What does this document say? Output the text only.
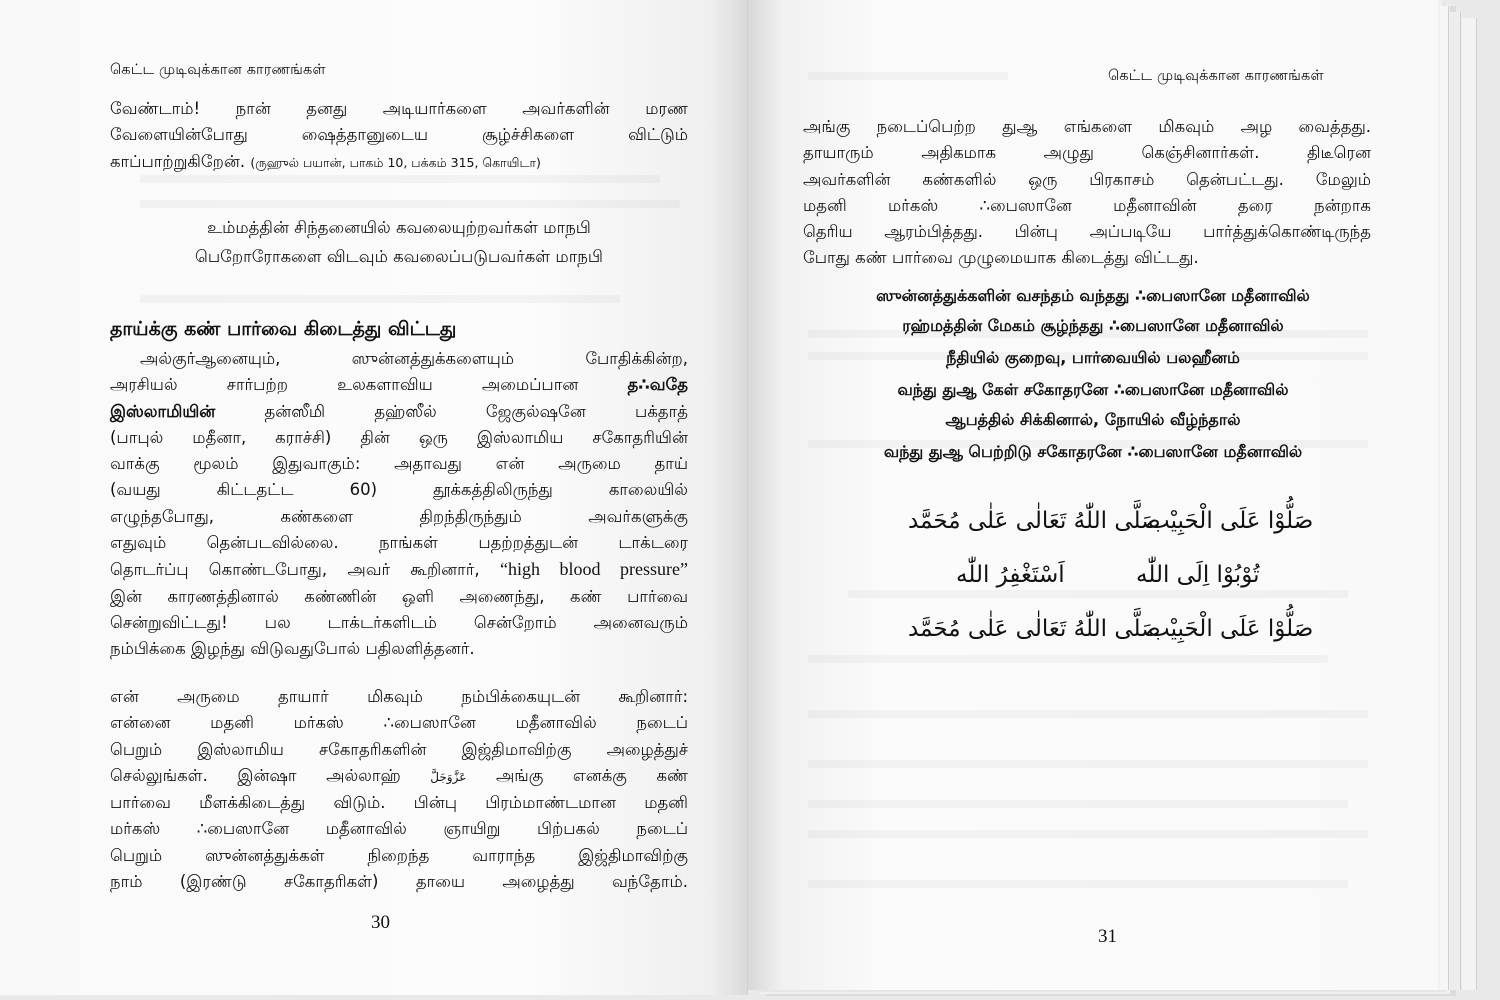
கெட்ட முடிவுக்கான காரணங்கள்
வேண்டாம்! நான் தனது அடியார்களை அவர்களின் மரண
வேளையின்போது ஷைத்தானுடைய சூழ்ச்சிகளை விட்டும்
காப்பாற்றுகிறேன். (ருஹுல் பயான், பாகம் 10, பக்கம் 315, கொயிடா)
உம்மத்தின் சிந்தனையில் கவலையுற்றவர்கள் மாநபி
பெறோரோகளை விடவும் கவலைப்படுபவர்கள் மாநபி
தாய்க்கு கண் பார்வை கிடைத்து விட்டது
அல்குர்ஆனையும், ஸுன்னத்துக்களையும் போதிக்கின்ற,
அரசியல் சார்பற்ற உலகளாவிய அமைப்பான	த∴வதே
இஸ்லாமியின்	தன்ஸீமி தஹ்ஸீல் ஜேகுல்ஷனே பக்தாத்
(பாபுல் மதீனா, கராச்சி) தின் ஒரு இஸ்லாமிய சகோதரியின்
வாக்கு மூலம் இதுவாகும்: அதாவது என் அருமை தாய்
(வயது கிட்டதட்ட 60) தூக்கத்திலிருந்து காலையில்
எழுந்தபோது, கண்களை திறந்திருந்தும் அவர்களுக்கு
எதுவும் தென்படவில்லை. நாங்கள் பதற்றத்துடன் டாக்டரை
தொடர்ப்பு கொண்டபோது, அவர் கூறினார், “high blood pressure”
இன் காரணத்தினால் கண்ணின் ஒளி அணைந்து, கண் பார்வை
சென்றுவிட்டது! பல டாக்டர்களிடம் சென்றோம் அனைவரும்
நம்பிக்கை இழந்து விடுவதுபோல் பதிலளித்தனர்.
என் அருமை தாயார் மிகவும் நம்பிக்கையுடன் கூறினார்:
என்னை மதனி மர்கஸ் ∴பைஸானே மதீனாவில் நடைப்
பெறும் இஸ்லாமிய சகோதரிகளின் இஜ்திமாவிற்கு அழைத்துச்
செல்லுங்கள். இன்ஷா அல்லாஹ் عَزَّوَجَلَّ அங்கு எனக்கு கண்
பார்வை மீளக்கிடைத்து விடும். பின்பு பிரம்மாண்டமான மதனி
மர்கஸ் ∴பைஸானே மதீனாவில் ஞாயிறு பிற்பகல் நடைப்
பெறும் ஸுன்னத்துக்கள் நிறைந்த வாராந்த இஜ்திமாவிற்கு
நாம் (இரண்டு சகோதரிகள்) தாயை அழைத்து வந்தோம்.
30
கெட்ட முடிவுக்கான காரணங்கள்
அங்கு நடைப்பெற்ற துஆ எங்களை மிகவும் அழ வைத்தது.
தாயாரும் அதிகமாக அழுது கெஞ்சினார்கள். திடீரென
அவர்களின் கண்களில் ஒரு பிரகாசம் தென்பட்டது. மேலும்
மதனி மர்கஸ் ∴பைஸானே மதீனாவின் தரை நன்றாக
தெரிய ஆரம்பித்தது. பின்பு அப்படியே பார்த்துக்கொண்டிருந்த
போது கண் பார்வை முழுமையாக கிடைத்து விட்டது.
ஸுன்னத்துக்களின் வசந்தம் வந்தது ∴பைஸானே மதீனாவில்
ரஹ்மத்தின் மேகம் சூழ்ந்தது ∴பைஸானே மதீனாவில்
நீதியில் குறைவு, பார்வையில் பலஹீனம்
வந்து துஆ கேள் சகோதரனே ∴பைஸானே மதீனாவில்
ஆபத்தில் சிக்கினால், நோயில் வீழ்ந்தால்
வந்து துஆ பெற்றிடு சகோதரனே ∴பைஸானே மதீனாவில்
صَلُّوْا عَلَى الْحَبِيْب
صَلَّى اللّٰهُ تَعَالٰى عَلٰى مُحَمَّد
تُوْبُوْا اِلَى اللّٰه
اَسْتَغْفِرُ اللّٰه
صَلُّوْا عَلَى الْحَبِيْب
صَلَّى اللّٰهُ تَعَالٰى عَلٰى مُحَمَّد
31
